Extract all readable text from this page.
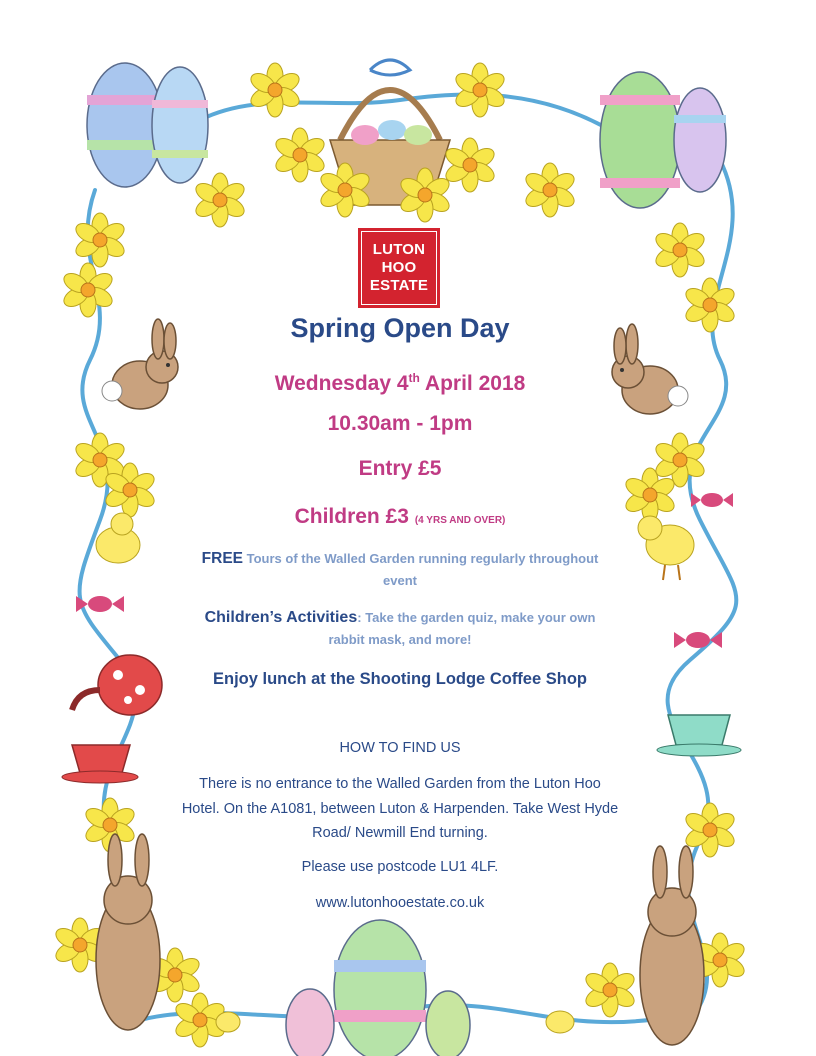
LUTON
HOO
ESTATE
Spring Open Day
Wednesday 4th April 2018
10.30am - 1pm
Entry £5
Children £3 (4 YRS AND OVER)
FREE Tours of the Walled Garden running regularly throughout event
Children’s Activities: Take the garden quiz, make your own rabbit mask, and more!
Enjoy lunch at the Shooting Lodge Coffee Shop
HOW TO FIND US
There is no entrance to the Walled Garden from the Luton Hoo Hotel. On the A1081, between Luton & Harpenden. Take West Hyde Road/ Newmill End turning.
Please use postcode LU1 4LF.
www.lutonhooestate.co.uk
